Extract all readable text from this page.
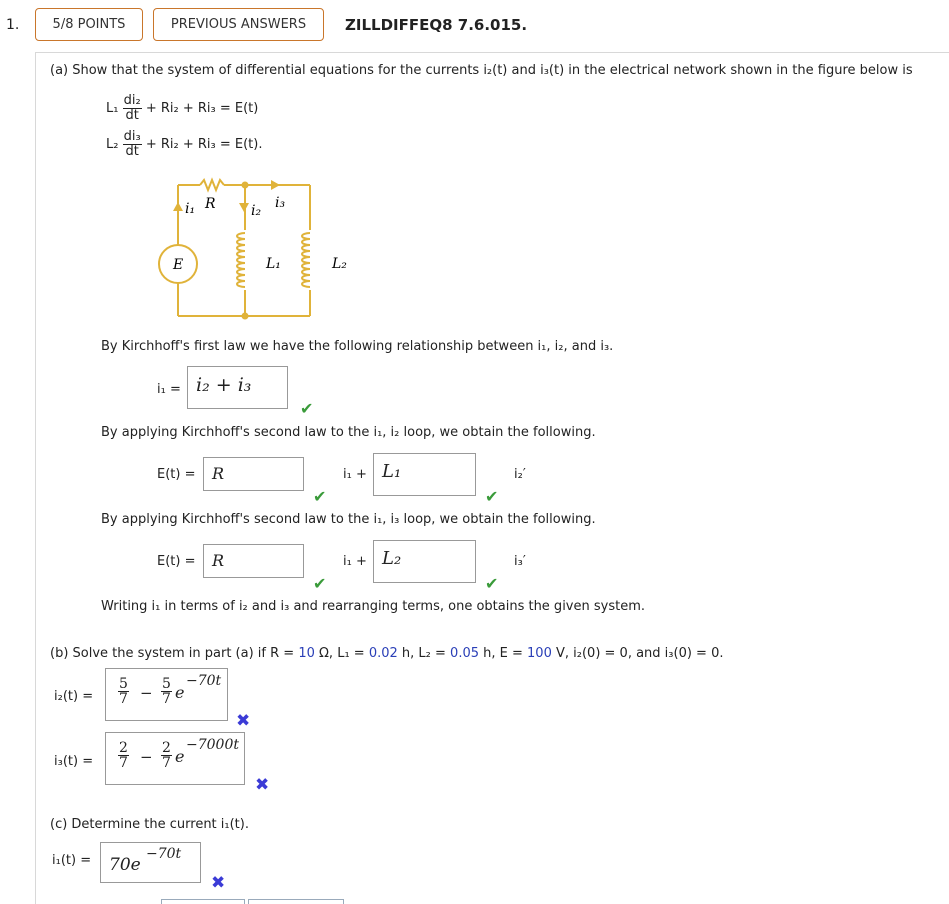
1.	5/8 POINTS	PREVIOUS ANSWERS	ZILLDIFFEQ8 7.6.015.
(a) Show that the system of differential equations for the currents i₂(t) and i₃(t) in the electrical network shown in the figure below is
$L_1 \frac{\text{di₂}}{dt} + Ri_2 + Ri_3 = E(t)$
$L_2 \frac{\text{di₃}}{dt} + Ri_2 + Ri_3 = E(t)$.
i₁ R	i₂ i₃
E	L₁	L₂
By Kirchhoff's first law we have the following relationship between i₁, i₂, and i₃.
i₁ = i₂ + i₃
✔
By applying Kirchhoff's second law to the i₁, i₂ loop, we obtain the following.
E(t) =	R	i₁ + L₁	i₂′
✔	✔
By applying Kirchhoff's second law to the i₁, i₃ loop, we obtain the following.
E(t) =	R	i₁ + L₂	i₃′
✔	✔
Writing i₁ in terms of i₂ and i₃ and rearranging terms, one obtains the given system.
(b) Solve the system in part (a) if R = 10 Ω, L₁ = 0.02 h, L₂ = 0.05 h, E = 100 V, i₂(0) = 0, and i₃(0) = 0.
$i_2(t) = \frac{5}{7} - \frac{5}{7}$ e
−70t
✖
$i_3(t) = \frac{2}{7} - \frac{2}{7}$ e
−7000t
✖
(c) Determine the current i₁(t).
i₁(t) = 70e
−70t
✖
